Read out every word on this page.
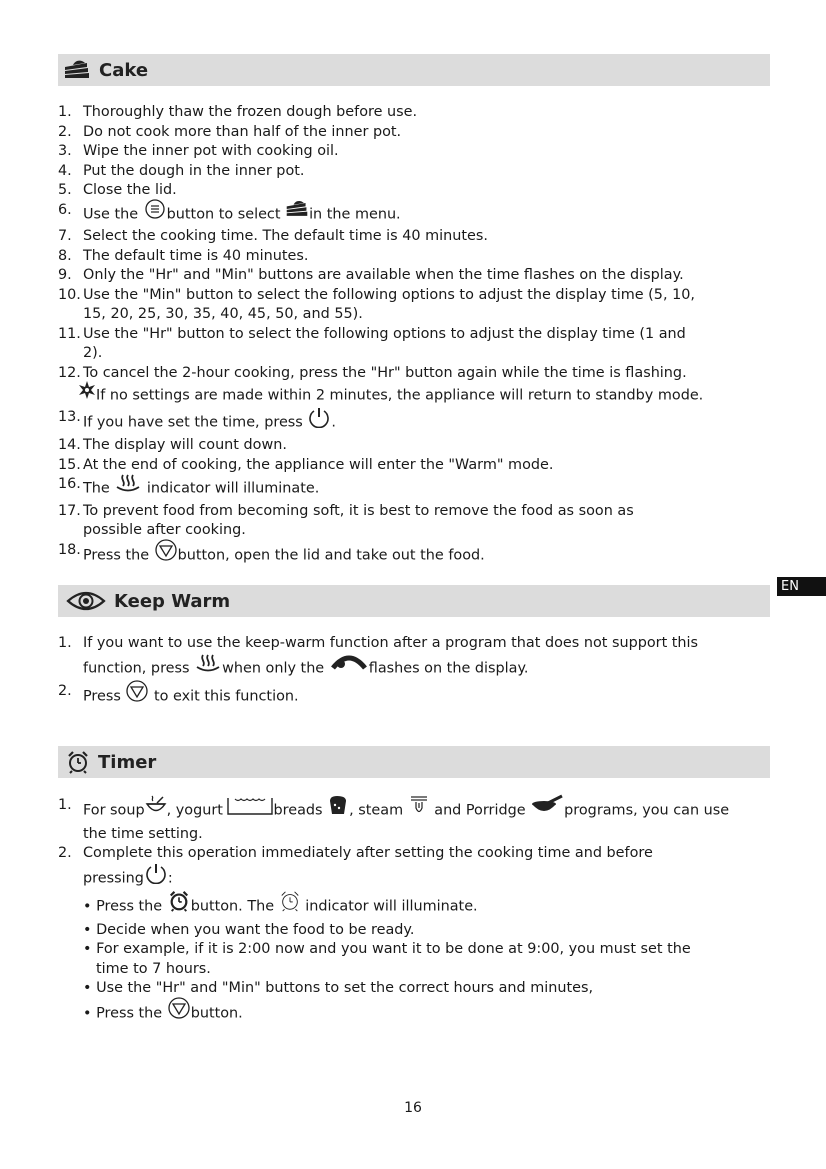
Cake
1. Thoroughly thaw the frozen dough before use.
2. Do not cook more than half of the inner pot.
3. Wipe the inner pot with cooking oil.
4. Put the dough in the inner pot.
5. Close the lid.
6. Use the button to select in the menu.
7. Select the cooking time. The default time is 40 minutes.
8. The default time is 40 minutes.
9. Only the "Hr" and "Min" buttons are available when the time flashes on the display.
10. Use the "Min" button to select the following options to adjust the display time (5, 10,
15, 20, 25, 30, 35, 40, 45, 50, and 55).
11. Use the "Hr" button to select the following options to adjust the display time (1 and
2).
12. To cancel the 2-hour cooking, press the "Hr" button again while the time is flashing.
If no settings are made within 2 minutes, the appliance will return to standby mode.
13. If you have set the time, press .
14. The display will count down.
15. At the end of cooking, the appliance will enter the "Warm" mode.
16. The  indicator will illuminate.
17. To prevent food from becoming soft, it is best to remove the food as soon as
possible after cooking.
18. Press the button, open the lid and take out the food.
EN
Keep Warm
1. If you want to use the keep-warm function after a program that does not support this
function, press when only the	flashes on the display.
2. Press  to exit this function.
Timer
1. For soup , yogurt	breads , steam  and Porridge programs, you can use
the time setting.
2. Complete this operation immediately after setting the cooking time and before
pressing :
• Press the button. The  indicator will illuminate.
• Decide when you want the food to be ready.
• For example, if it is 2:00 now and you want it to be done at 9:00, you must set the
time to 7 hours.
• Use the "Hr" and "Min" buttons to set the correct hours and minutes,
• Press the button.
16
